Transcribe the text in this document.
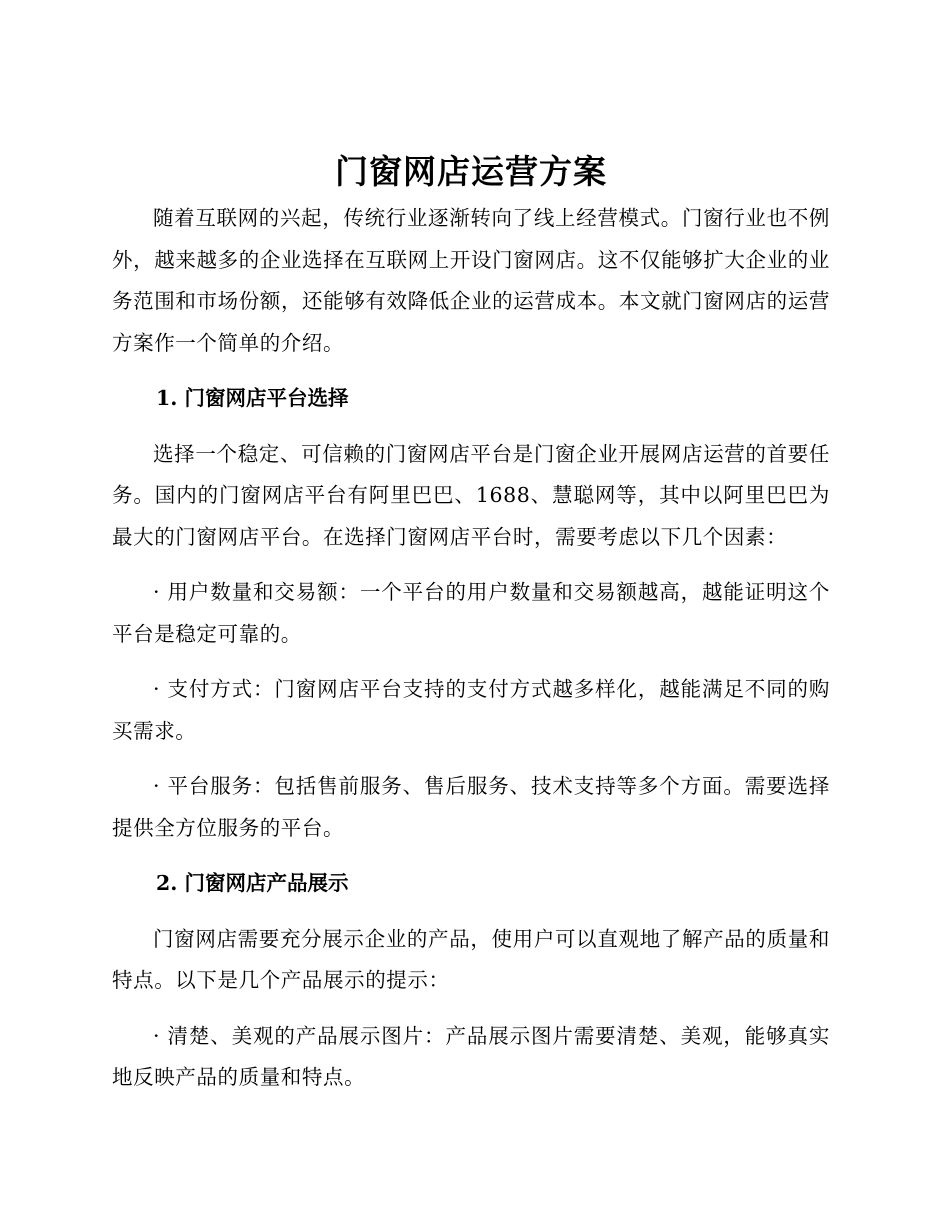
门窗网店运营方案

随着互联网的兴起，传统行业逐渐转向了线上经营模式。门窗行业也不例外，越来越多的企业选择在互联网上开设门窗网店。这不仅能够扩大企业的业务范围和市场份额，还能够有效降低企业的运营成本。本文就门窗网店的运营方案作一个简单的介绍。

1. 门窗网店平台选择

选择一个稳定、可信赖的门窗网店平台是门窗企业开展网店运营的首要任务。国内的门窗网店平台有阿里巴巴、1688、慧聪网等，其中以阿里巴巴为最大的门窗网店平台。在选择门窗网店平台时，需要考虑以下几个因素：

· 用户数量和交易额：一个平台的用户数量和交易额越高，越能证明这个平台是稳定可靠的。

· 支付方式：门窗网店平台支持的支付方式越多样化，越能满足不同的购买需求。

· 平台服务：包括售前服务、售后服务、技术支持等多个方面。需要选择提供全方位服务的平台。

2. 门窗网店产品展示

门窗网店需要充分展示企业的产品，使用户可以直观地了解产品的质量和特点。以下是几个产品展示的提示：

· 清楚、美观的产品展示图片：产品展示图片需要清楚、美观，能够真实地反映产品的质量和特点。
